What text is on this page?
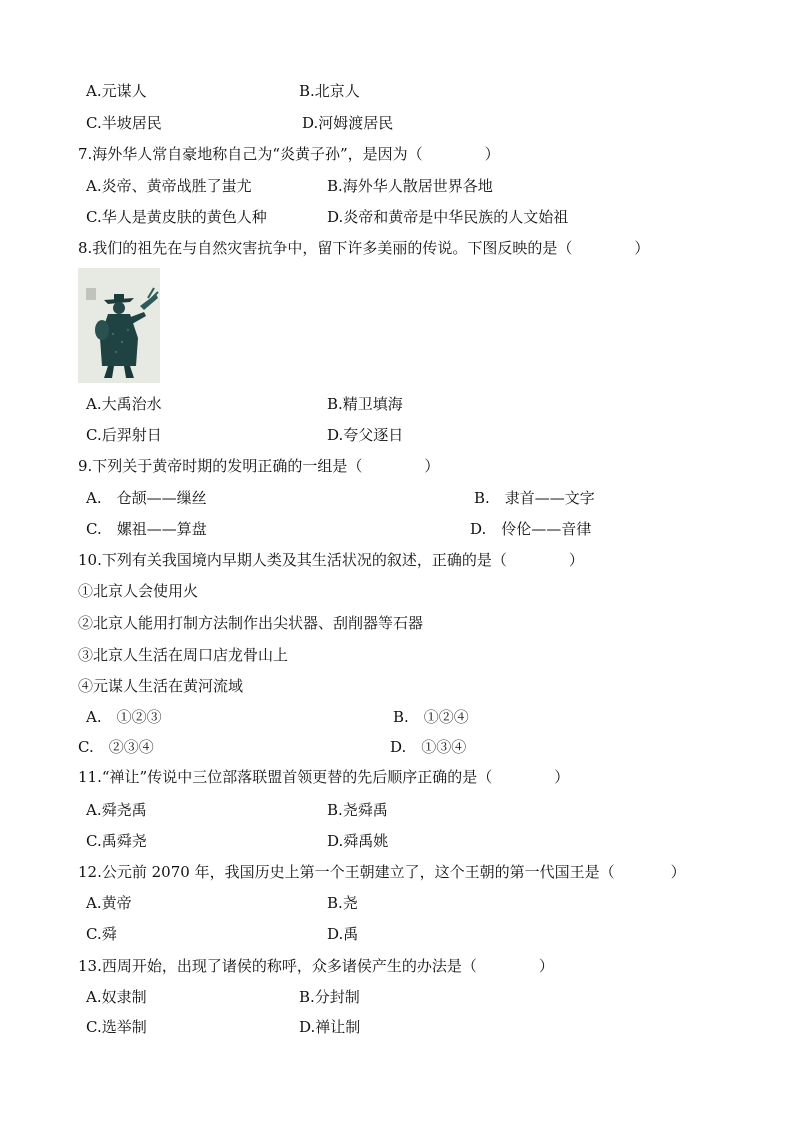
A.元谋人	B.北京人
C.半坡居民	D.河姆渡居民
7.海外华人常自豪地称自己为“炎黄子孙”，是因为（	）
A.炎帝、黄帝战胜了蚩尤	B.海外华人散居世界各地
C.华人是黄皮肤的黄色人种	D.炎帝和黄帝是中华民族的人文始祖
8.我们的祖先在与自然灾害抗争中，留下许多美丽的传说。下图反映的是（	）
A.大禹治水	B.精卫填海
C.后羿射日	D.夸父逐日
9.下列关于黄帝时期的发明正确的一组是（	）
A.　仓颉——缫丝	B.　隶首——文字
C.　嫘祖——算盘	D.　伶伦——音律
10.下列有关我国境内早期人类及其生活状况的叙述，正确的是（	）
①北京人会使用火
②北京人能用打制方法制作出尖状器、刮削器等石器
③北京人生活在周口店龙骨山上
④元谋人生活在黄河流域
A.　①②③	B.　①②④
C.　②③④	D.　①③④
11.“禅让”传说中三位部落联盟首领更替的先后顺序正确的是（	）
A.舜尧禹	B.尧舜禹
C.禹舜尧	D.舜禹姚
12.公元前 2070 年，我国历史上第一个王朝建立了，这个王朝的第一代国王是（	）
A.黄帝	B.尧
C.舜	D.禹
13.西周开始，出现了诸侯的称呼，众多诸侯产生的办法是（	）
A.奴隶制	B.分封制
C.选举制	D.禅让制
